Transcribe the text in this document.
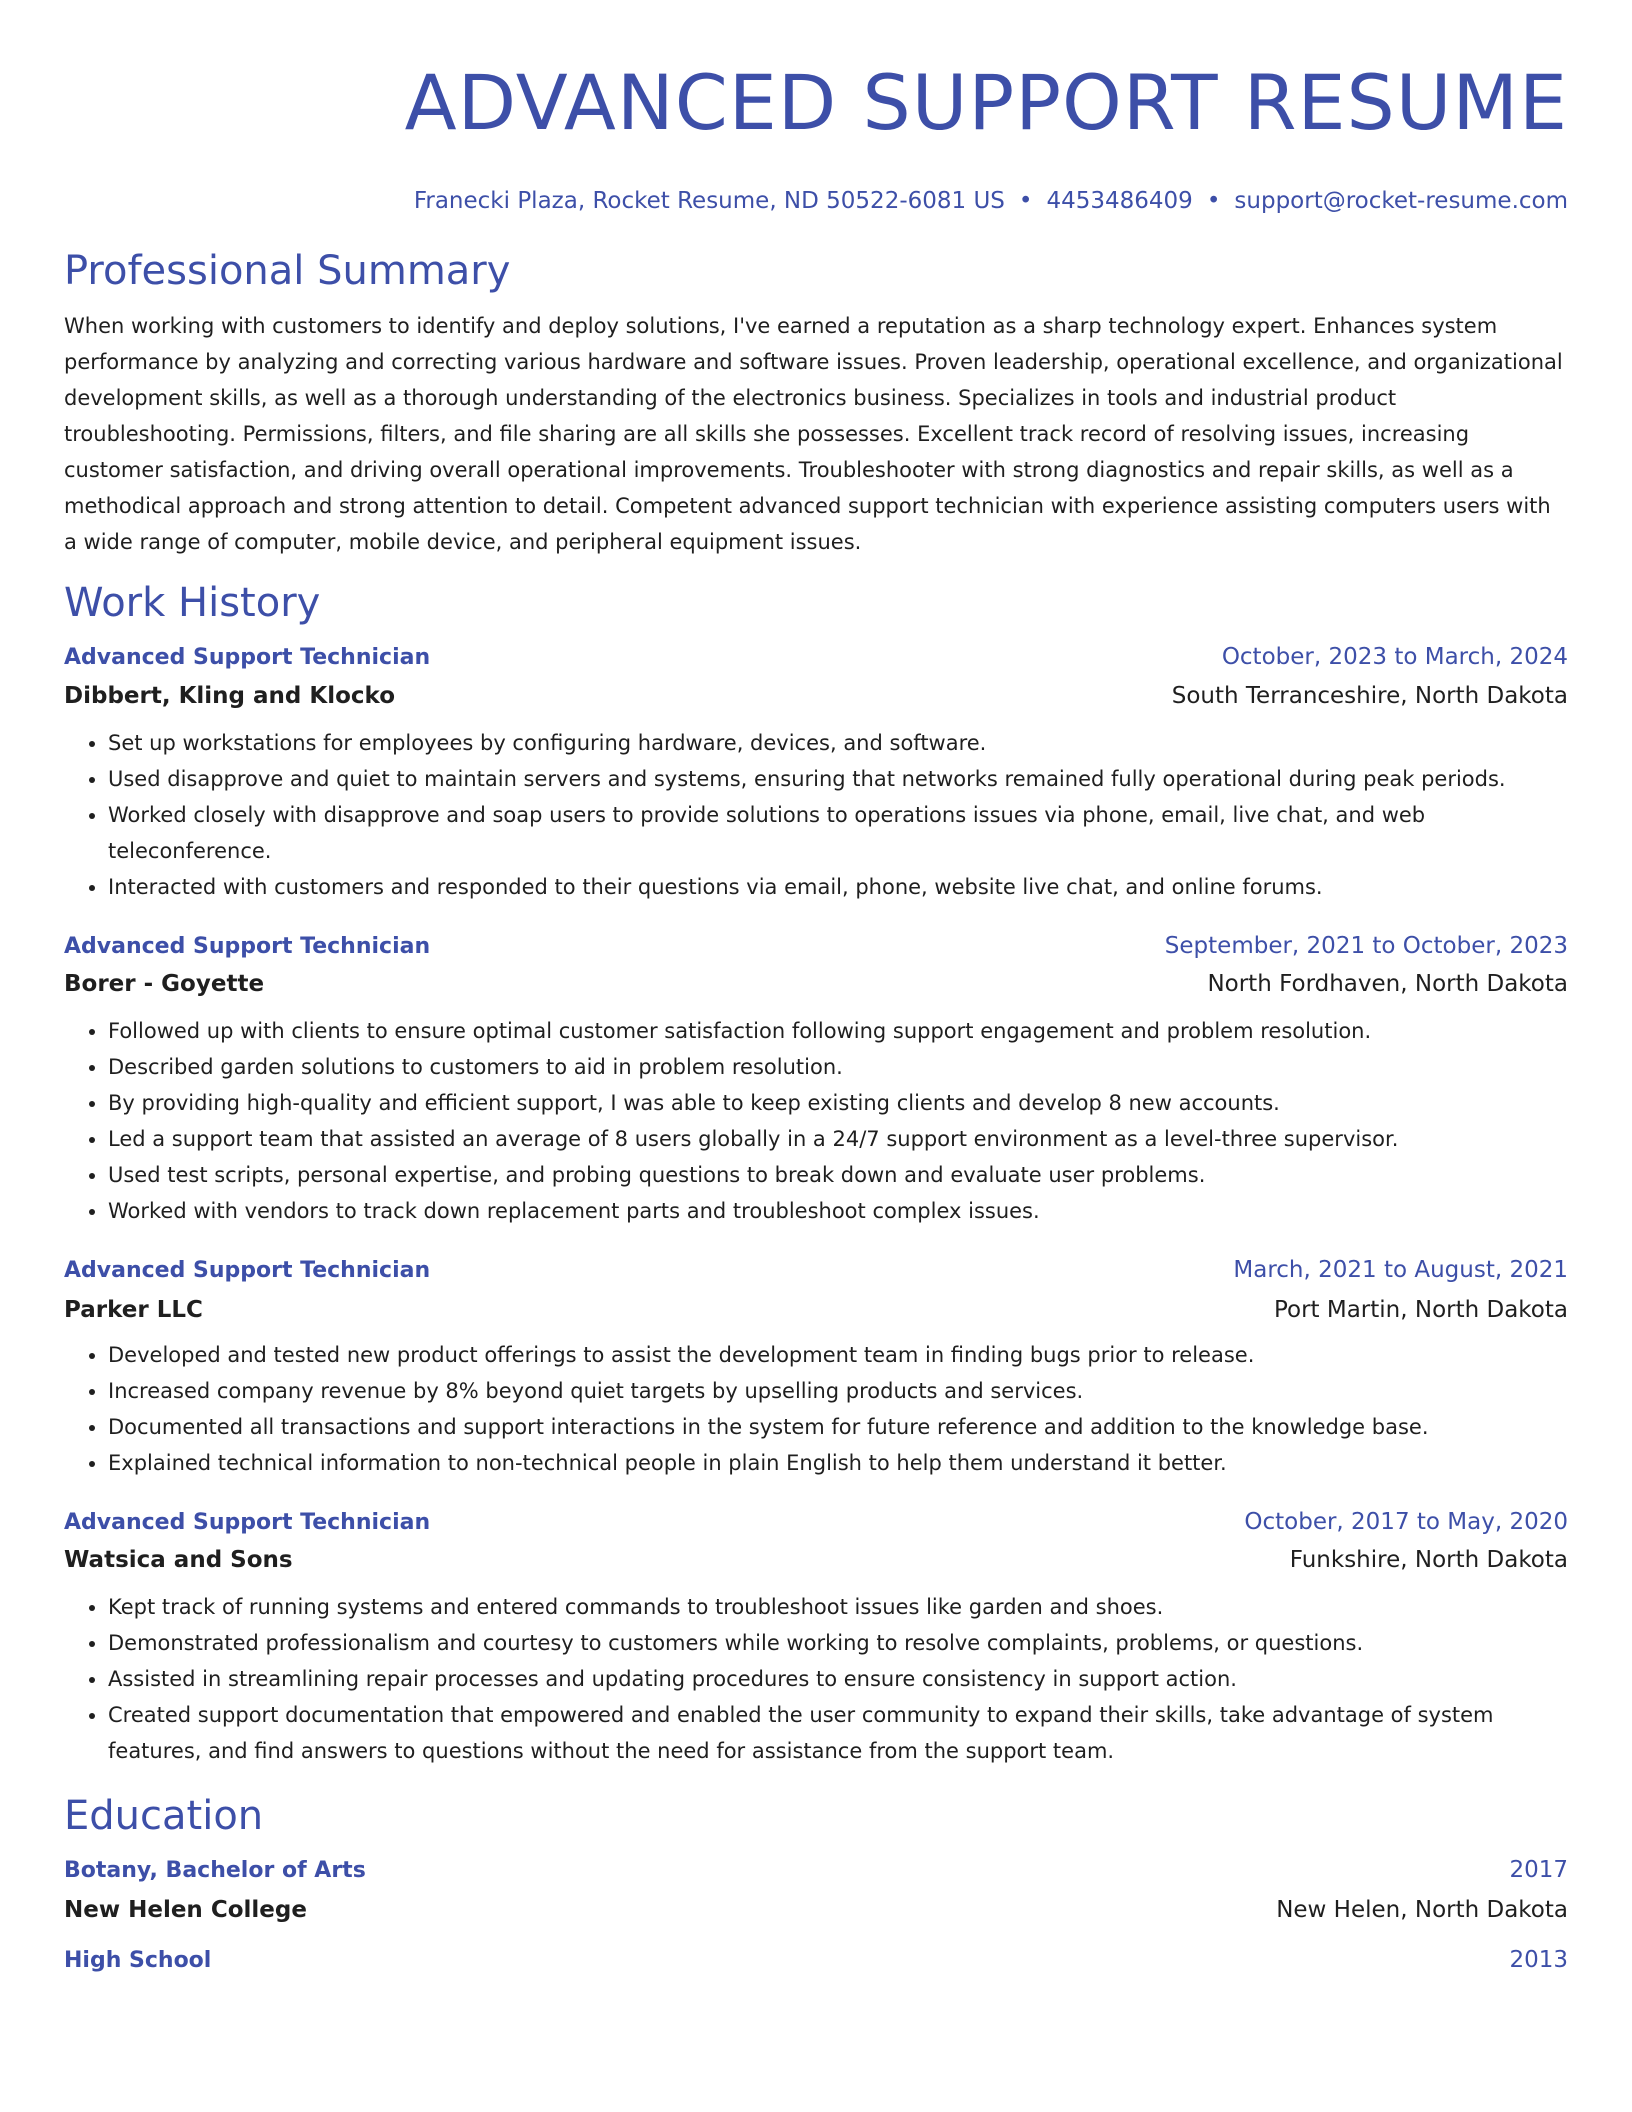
ADVANCED SUPPORT RESUME
Franecki Plaza, Rocket Resume, ND 50522-6081 US • 4453486409 • support@rocket-resume.com
Professional Summary

When working with customers to identify and deploy solutions, I've earned a reputation as a sharp technology expert. Enhances system performance by analyzing and correcting various hardware and software issues. Proven leadership, operational excellence, and organizational development skills, as well as a thorough understanding of the electronics business. Specializes in tools and industrial product troubleshooting. Permissions, filters, and file sharing are all skills she possesses. Excellent track record of resolving issues, increasing customer satisfaction, and driving overall operational improvements. Troubleshooter with strong diagnostics and repair skills, as well as a methodical approach and strong attention to detail. Competent advanced support technician with experience assisting computers users with a wide range of computer, mobile device, and peripheral equipment issues.

Work History
Advanced Support Technician	October, 2023 to March, 2024
Dibbert, Kling and Klocko	South Terranceshire, North Dakota
• Set up workstations for employees by configuring hardware, devices, and software.
• Used disapprove and quiet to maintain servers and systems, ensuring that networks remained fully operational during peak periods.
• Worked closely with disapprove and soap users to provide solutions to operations issues via phone, email, live chat, and web teleconference.
• Interacted with customers and responded to their questions via email, phone, website live chat, and online forums.
Advanced Support Technician	September, 2021 to October, 2023
Borer - Goyette	North Fordhaven, North Dakota
• Followed up with clients to ensure optimal customer satisfaction following support engagement and problem resolution.
• Described garden solutions to customers to aid in problem resolution.
• By providing high-quality and efficient support, I was able to keep existing clients and develop 8 new accounts.
• Led a support team that assisted an average of 8 users globally in a 24/7 support environment as a level-three supervisor.
• Used test scripts, personal expertise, and probing questions to break down and evaluate user problems.
• Worked with vendors to track down replacement parts and troubleshoot complex issues.
Advanced Support Technician	March, 2021 to August, 2021
Parker LLC	Port Martin, North Dakota
• Developed and tested new product offerings to assist the development team in finding bugs prior to release.
• Increased company revenue by 8% beyond quiet targets by upselling products and services.
• Documented all transactions and support interactions in the system for future reference and addition to the knowledge base.
• Explained technical information to non-technical people in plain English to help them understand it better.
Advanced Support Technician	October, 2017 to May, 2020
Watsica and Sons	Funkshire, North Dakota
• Kept track of running systems and entered commands to troubleshoot issues like garden and shoes.
• Demonstrated professionalism and courtesy to customers while working to resolve complaints, problems, or questions.
• Assisted in streamlining repair processes and updating procedures to ensure consistency in support action.
• Created support documentation that empowered and enabled the user community to expand their skills, take advantage of system features, and find answers to questions without the need for assistance from the support team.
Education
Botany, Bachelor of Arts	2017
New Helen College	New Helen, North Dakota
High School	2013
